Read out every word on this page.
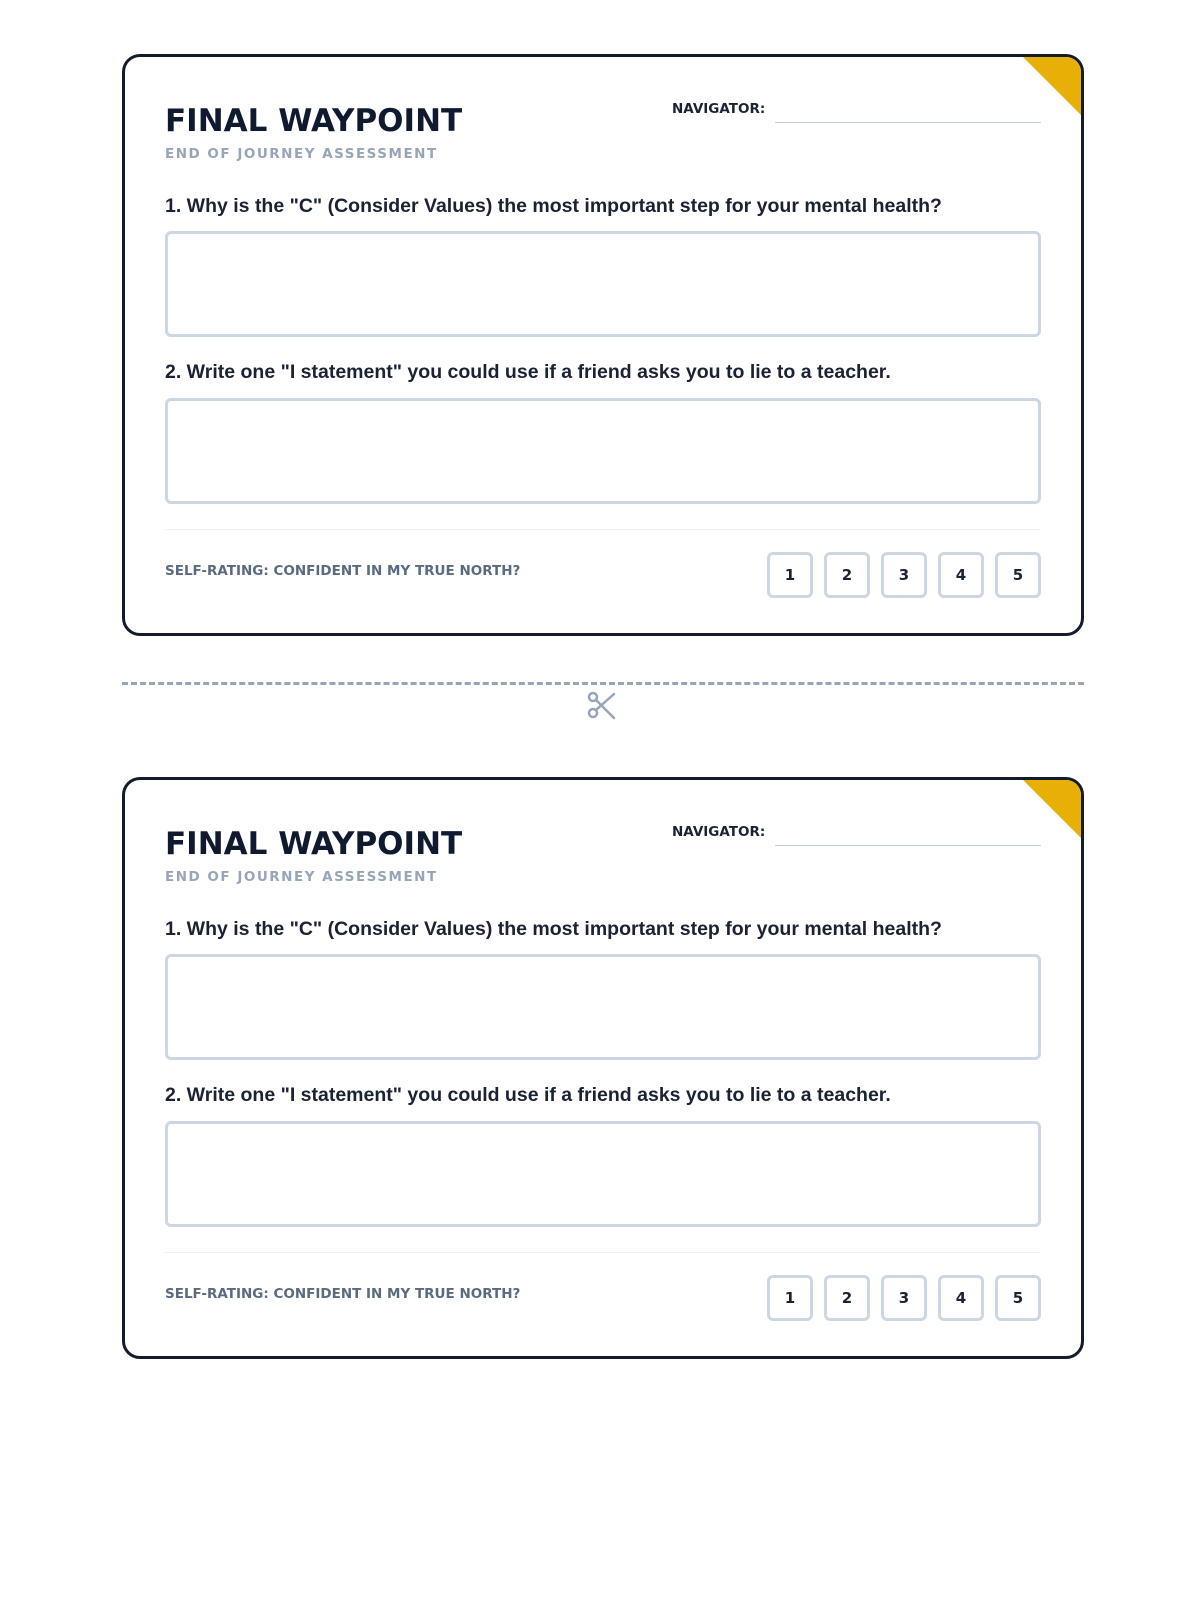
FINAL WAYPOINT
END OF JOURNEY ASSESSMENT
NAVIGATOR:
1. Why is the "C" (Consider Values) the most important step for your mental health?
2. Write one "I statement" you could use if a friend asks you to lie to a teacher.
SELF-RATING: CONFIDENT IN MY TRUE NORTH?	1	2	3	4	5
FINAL WAYPOINT
END OF JOURNEY ASSESSMENT
NAVIGATOR:
1. Why is the "C" (Consider Values) the most important step for your mental health?
2. Write one "I statement" you could use if a friend asks you to lie to a teacher.
SELF-RATING: CONFIDENT IN MY TRUE NORTH?	1	2	3	4	5
